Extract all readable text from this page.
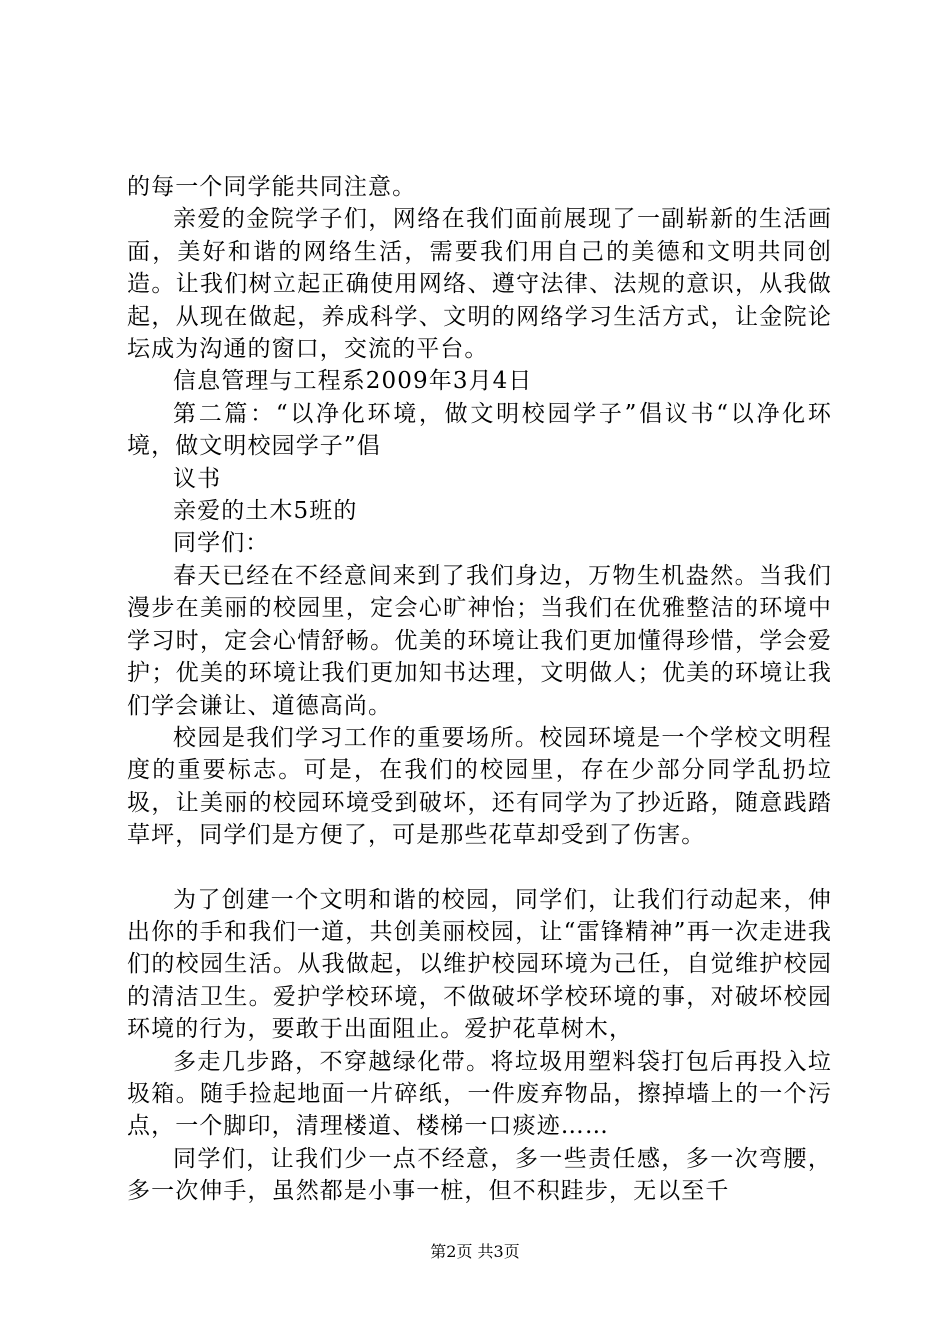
的每一个同学能共同注意。

亲爱的金院学子们，网络在我们面前展现了一副崭新的生活画面，美好和谐的网络生活，需要我们用自己的美德和文明共同创造。让我们树立起正确使用网络、遵守法律、法规的意识，从我做起，从现在做起，养成科学、文明的网络学习生活方式，让金院论坛成为沟通的窗口，交流的平台。

信息管理与工程系2009年3月4日

第二篇：“以净化环境，做文明校园学子”倡议书“以净化环境，做文明校园学子”倡

议书

亲爱的土木5班的

同学们：

春天已经在不经意间来到了我们身边，万物生机盎然。当我们漫步在美丽的校园里，定会心旷神怡；当我们在优雅整洁的环境中学习时，定会心情舒畅。优美的环境让我们更加懂得珍惜，学会爱护；优美的环境让我们更加知书达理，文明做人；优美的环境让我们学会谦让、道德高尚。

校园是我们学习工作的重要场所。校园环境是一个学校文明程度的重要标志。可是，在我们的校园里，存在少部分同学乱扔垃圾，让美丽的校园环境受到破坏，还有同学为了抄近路，随意践踏草坪，同学们是方便了，可是那些花草却受到了伤害。

为了创建一个文明和谐的校园，同学们，让我们行动起来，伸出你的手和我们一道，共创美丽校园，让“雷锋精神”再一次走进我们的校园生活。从我做起，以维护校园环境为己任，自觉维护校园的清洁卫生。爱护学校环境，不做破坏学校环境的事，对破坏校园环境的行为，要敢于出面阻止。爱护花草树木，

多走几步路，不穿越绿化带。将垃圾用塑料袋打包后再投入垃圾箱。随手捡起地面一片碎纸，一件废弃物品，擦掉墙上的一个污点，一个脚印，清理楼道、楼梯一口痰迹……

同学们，让我们少一点不经意，多一些责任感，多一次弯腰，多一次伸手，虽然都是小事一桩，但不积跬步，无以至千

第2页 共3页
